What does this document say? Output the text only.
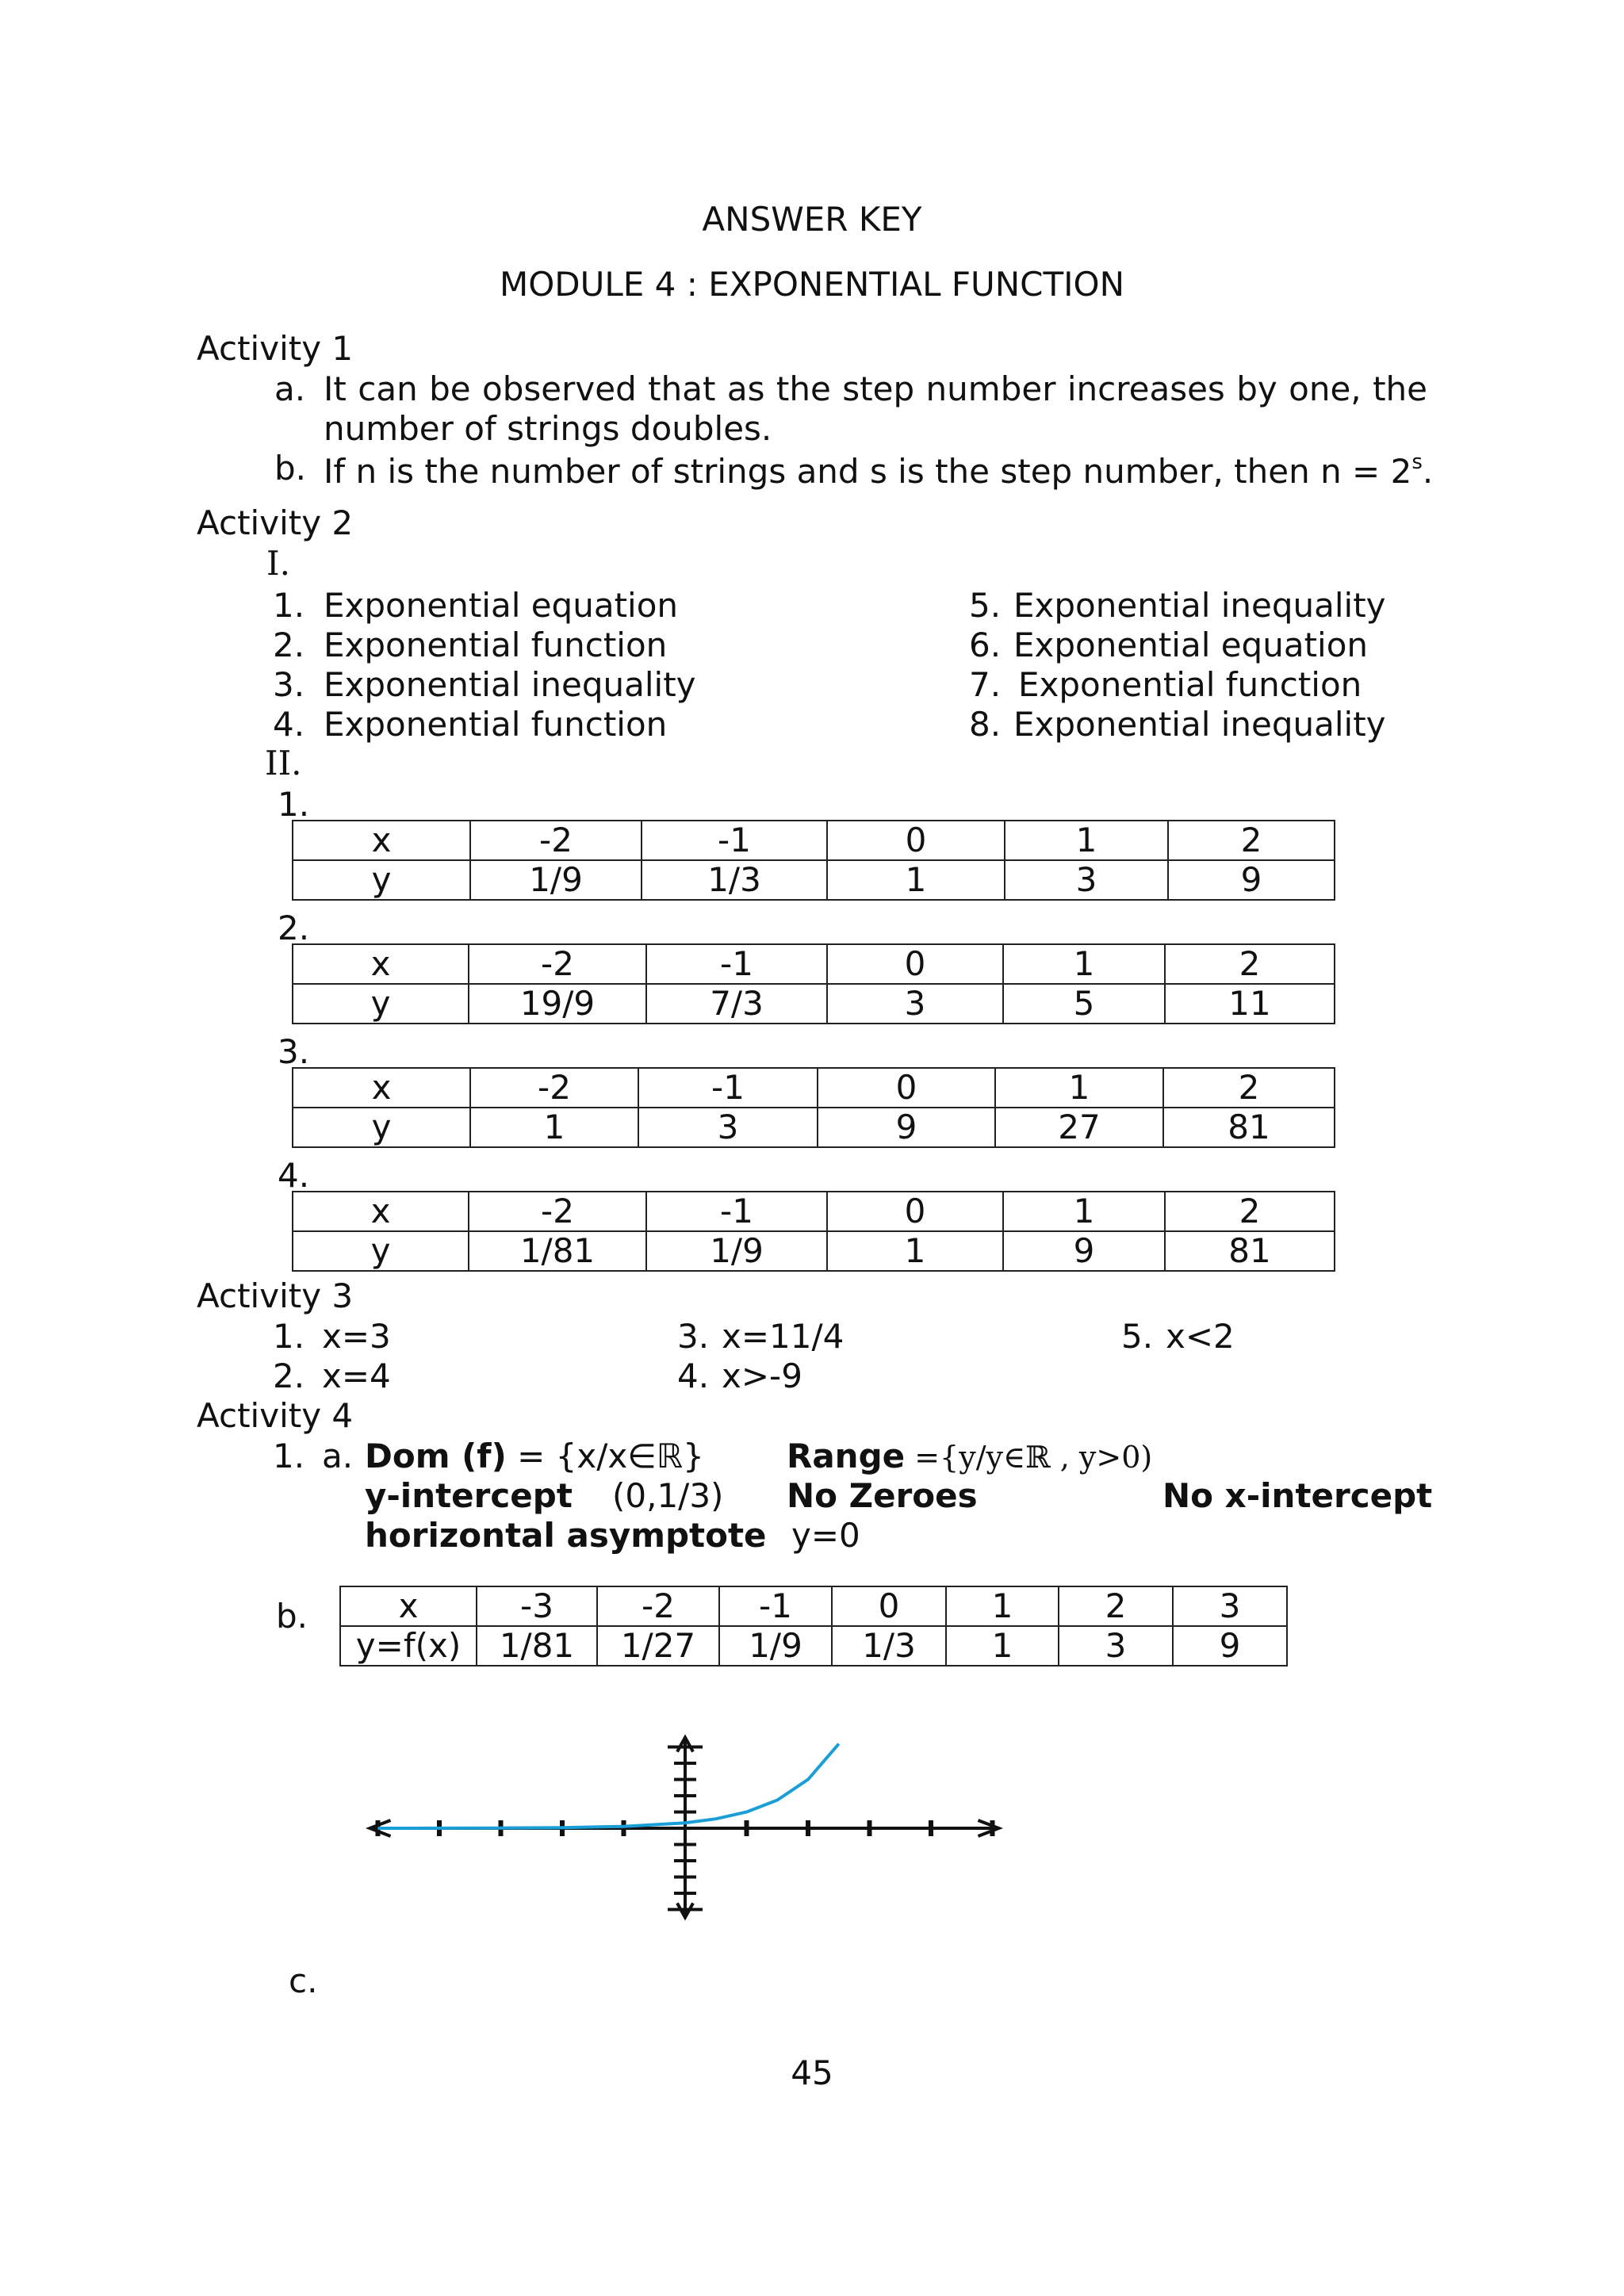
ANSWER KEY
MODULE 4 : EXPONENTIAL FUNCTION
Activity 1
a. It can be observed that as the step number increases by one, the
number of strings doubles.
b. If n is the number of strings and s is the step number, then $n = 2^s$.
Activity 2
I.
1. Exponential equation
2. Exponential function
3. Exponential inequality
4. Exponential function
5. Exponential inequality
6. Exponential equation
7. Exponential function
8. Exponential inequality
II.
1.
x	-2	-1	0	1	2
y	1/9	1/3	1	3	9
2.
x	-2	-1	0	1	2
y	19/9	7/3	3	5	11
3.
x	-2	-1	0	1	2
y	1	3	9	27	81
4.
x	-2	-1	0	1	2
y	1/81	1/9	1	9	81
Activity 3
1. x=3
2. x=4
3. x=11/4
4. x>-9
5. x<2
Activity 4
1. a. Dom (f) = {x/x∈ℝ} Range ={y/y∈ℝ , y>0)
y-intercept (0,1/3) No Zeroes	No x-intercept
horizontal asymptote y=0
b.	x	-3	-2	-1	0	1	2	3
y=f(x)	1/81	1/27	1/9	1/3	1	3	9
c.
45
